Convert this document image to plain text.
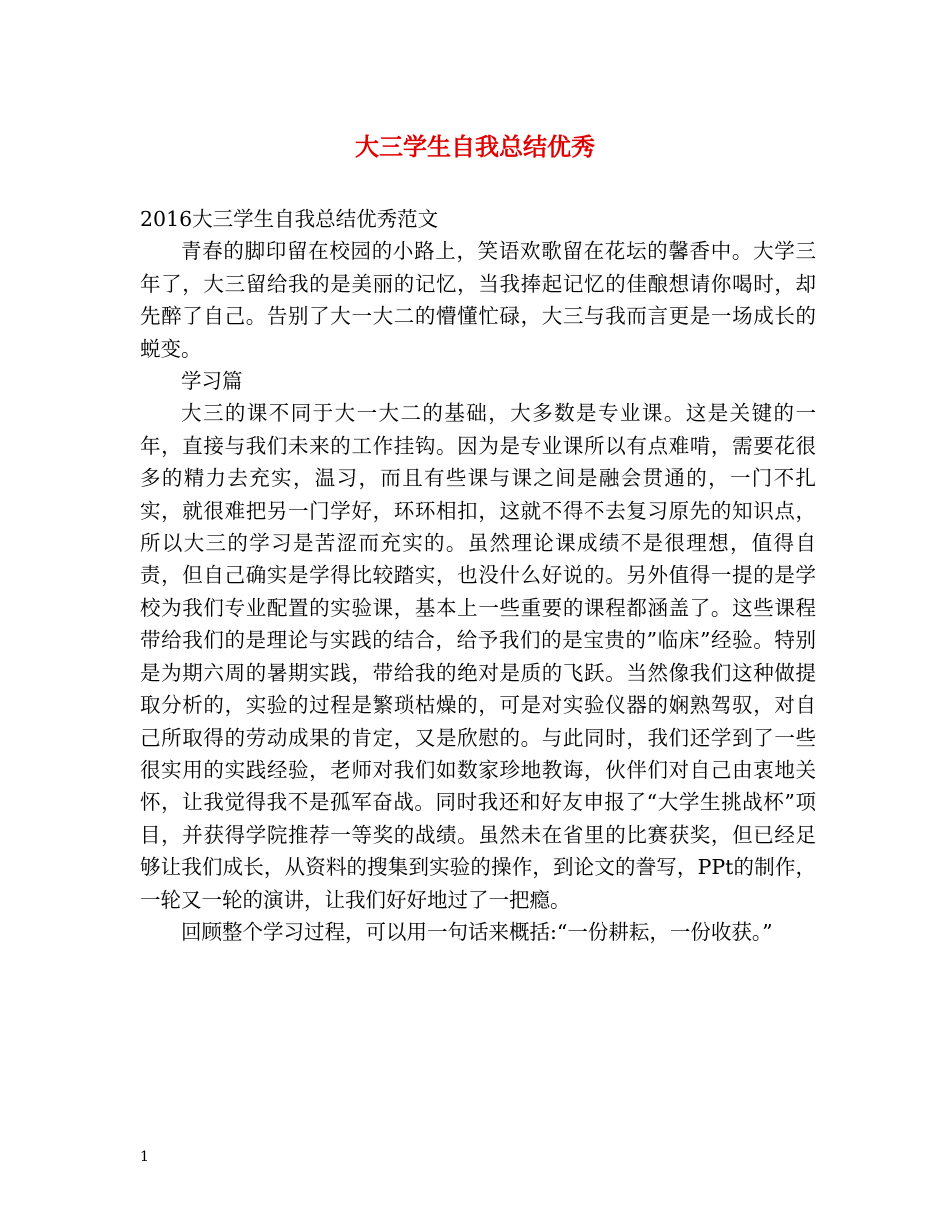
大三学生自我总结优秀

2016大三学生自我总结优秀范文

青春的脚印留在校园的小路上，笑语欢歌留在花坛的馨香中。大学三年了，大三留给我的是美丽的记忆，当我捧起记忆的佳酿想请你喝时，却先醉了自己。告别了大一大二的懵懂忙碌，大三与我而言更是一场成长的蜕变。

学习篇

大三的课不同于大一大二的基础，大多数是专业课。这是关键的一年，直接与我们未来的工作挂钩。因为是专业课所以有点难啃，需要花很多的精力去充实，温习，而且有些课与课之间是融会贯通的，一门不扎实，就很难把另一门学好，环环相扣，这就不得不去复习原先的知识点，所以大三的学习是苦涩而充实的。虽然理论课成绩不是很理想，值得自责，但自己确实是学得比较踏实，也没什么好说的。另外值得一提的是学校为我们专业配置的实验课，基本上一些重要的课程都涵盖了。这些课程带给我们的是理论与实践的结合，给予我们的是宝贵的”临床”经验。特别是为期六周的暑期实践，带给我的绝对是质的飞跃。当然像我们这种做提取分析的，实验的过程是繁琐枯燥的，可是对实验仪器的娴熟驾驭，对自己所取得的劳动成果的肯定，又是欣慰的。与此同时，我们还学到了一些很实用的实践经验，老师对我们如数家珍地教诲，伙伴们对自己由衷地关怀，让我觉得我不是孤军奋战。同时我还和好友申报了“大学生挑战杯”项目，并获得学院推荐一等奖的战绩。虽然未在省里的比赛获奖，但已经足够让我们成长，从资料的搜集到实验的操作，到论文的誊写，PPt的制作，一轮又一轮的演讲，让我们好好地过了一把瘾。

回顾整个学习过程，可以用一句话来概括:“一份耕耘，一份收获。”

1
